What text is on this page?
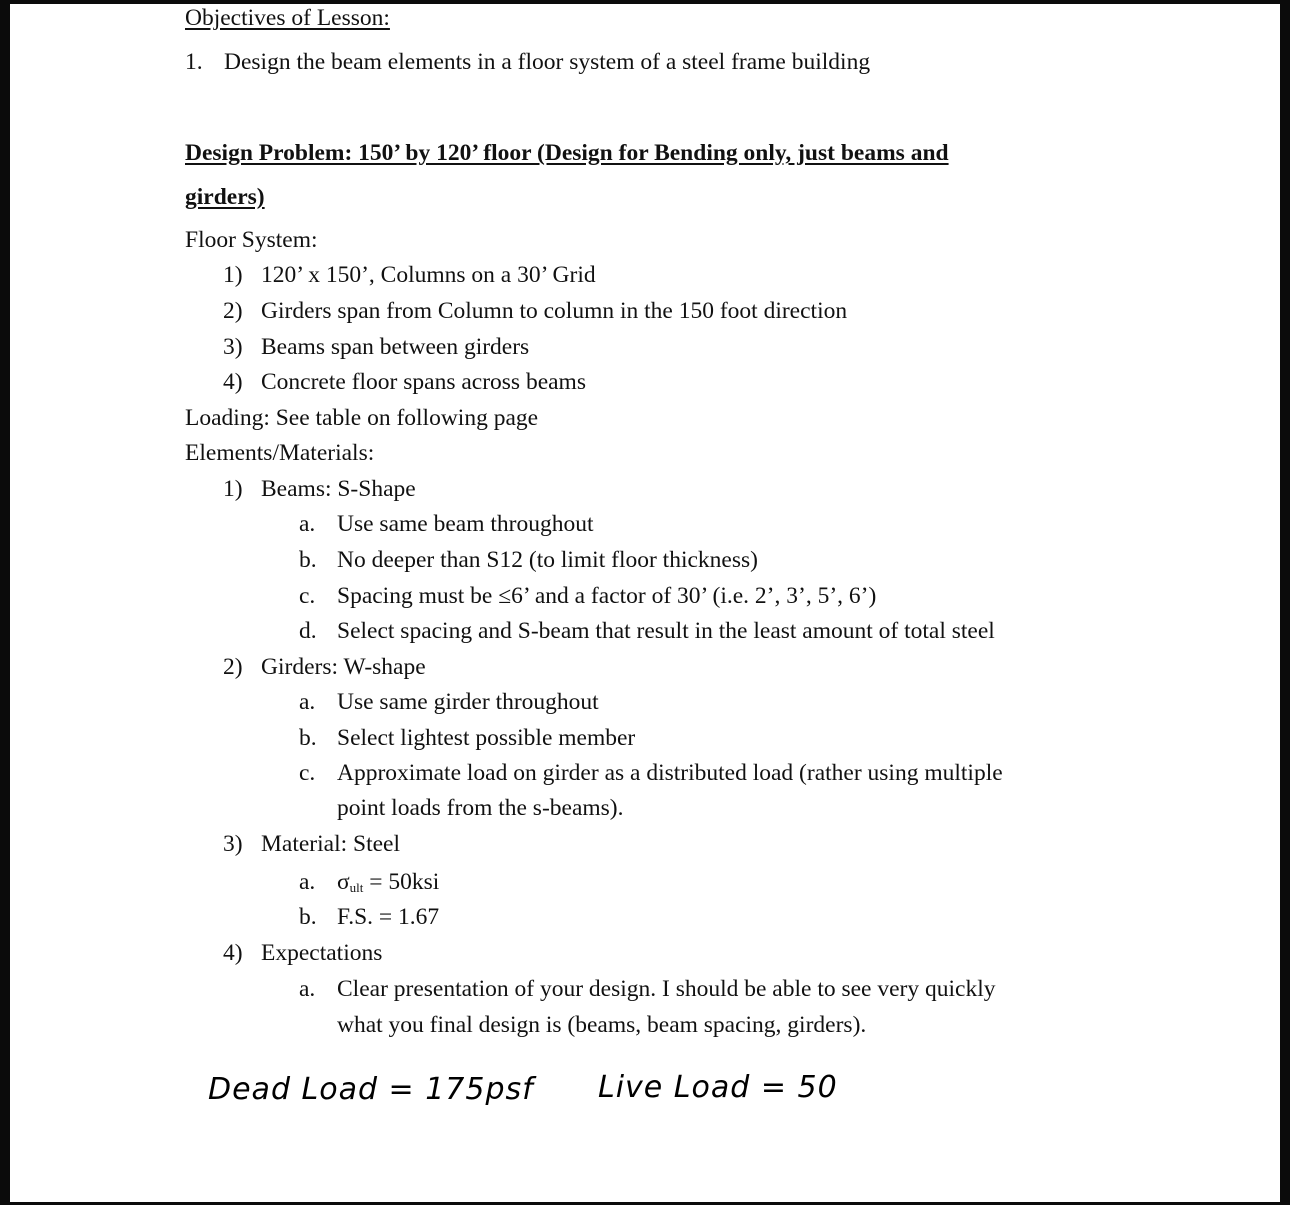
Objectives of Lesson:
1. Design the beam elements in a floor system of a steel frame building
Design Problem: 150’ by 120’ floor (Design for Bending only, just beams and
girders)
Floor System:
1) 120’ x 150’, Columns on a 30’ Grid
2) Girders span from Column to column in the 150 foot direction
3) Beams span between girders
4) Concrete floor spans across beams
Loading: See table on following page
Elements/Materials:
1) Beams: S-Shape
a. Use same beam throughout
b. No deeper than S12 (to limit floor thickness)
c. Spacing must be ≤6’ and a factor of 30’ (i.e. 2’, 3’, 5’, 6’)
d. Select spacing and S-beam that result in the least amount of total steel
2) Girders: W-shape
a. Use same girder throughout
b. Select lightest possible member
c. Approximate load on girder as a distributed load (rather using multiple
point loads from the s-beams).
3) Material: Steel
a. $\sigma_{ult} = 50ksi$
b. F.S. = 1.67
4) Expectations
a. Clear presentation of your design. I should be able to see very quickly
what you final design is (beams, beam spacing, girders).
Dead Load = 175psf Live Load = 50
